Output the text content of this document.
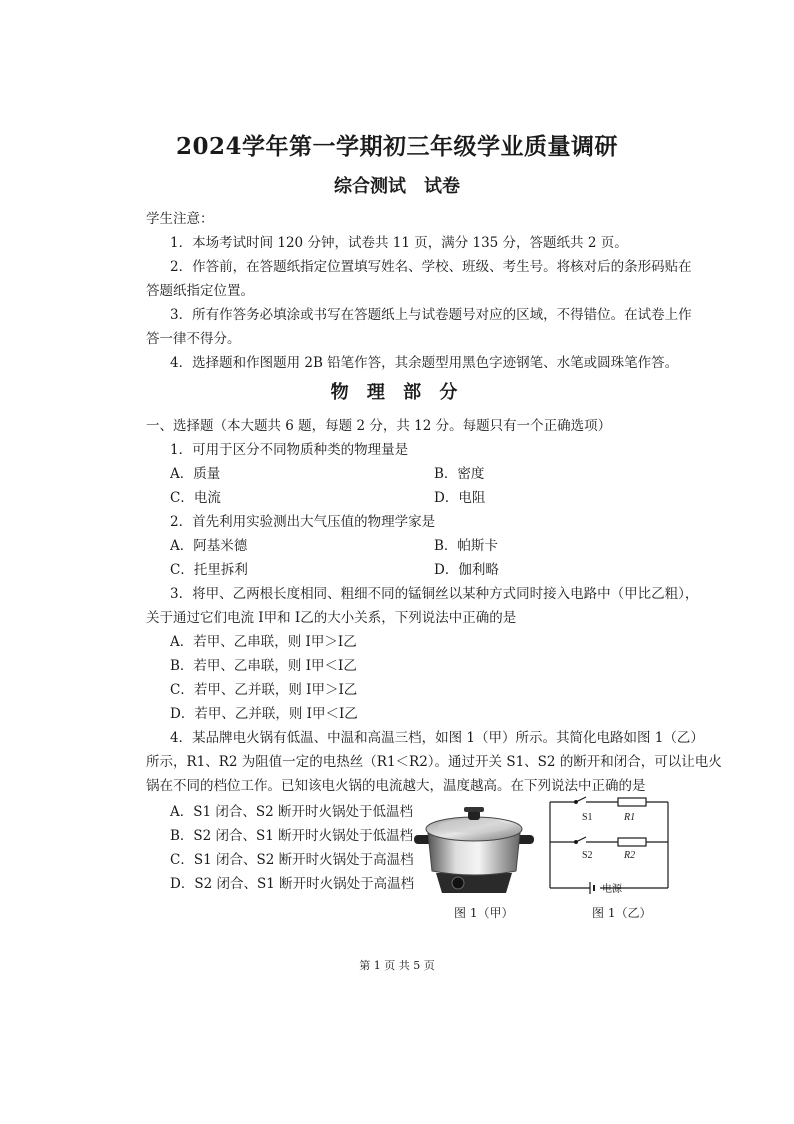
2024学年第一学期初三年级学业质量调研
综合测试　试卷
学生注意：
1．本场考试时间 120 分钟，试卷共 11 页，满分 135 分，答题纸共 2 页。
2．作答前，在答题纸指定位置填写姓名、学校、班级、考生号。将核对后的条形码贴在
答题纸指定位置。
3．所有作答务必填涂或书写在答题纸上与试卷题号对应的区域，不得错位。在试卷上作
答一律不得分。
4．选择题和作图题用 2B 铅笔作答，其余题型用黑色字迹钢笔、水笔或圆珠笔作答。
物 理 部 分
一、选择题（本大题共 6 题，每题 2 分，共 12 分。每题只有一个正确选项）
1．可用于区分不同物质种类的物理量是
A．质量	B．密度
C．电流	D．电阻
2．首先利用实验测出大气压值的物理学家是
A．阿基米德	B．帕斯卡
C．托里拆利	D．伽利略
3．将甲、乙两根长度相同、粗细不同的锰铜丝以某种方式同时接入电路中（甲比乙粗），
关于通过它们电流 I甲和 I乙的大小关系，下列说法中正确的是
A．若甲、乙串联，则 I甲＞I乙
B．若甲、乙串联，则 I甲＜I乙
C．若甲、乙并联，则 I甲＞I乙
D．若甲、乙并联，则 I甲＜I乙
4．某品牌电火锅有低温、中温和高温三档，如图 1（甲）所示。其简化电路如图 1（乙）
所示，R1、R2 为阻值一定的电热丝（R1＜R2）。通过开关 S1、S2 的断开和闭合，可以让电火
锅在不同的档位工作。已知该电火锅的电流越大，温度越高。在下列说法中正确的是
A．S1 闭合、S2 断开时火锅处于低温档
B．S2 闭合、S1 断开时火锅处于低温档
C．S1 闭合、S2 断开时火锅处于高温档
D．S2 闭合、S1 断开时火锅处于高温档
图 1（甲）
S1	R1
S2	R2
电源
图 1（乙）
第 1 页 共 5 页
